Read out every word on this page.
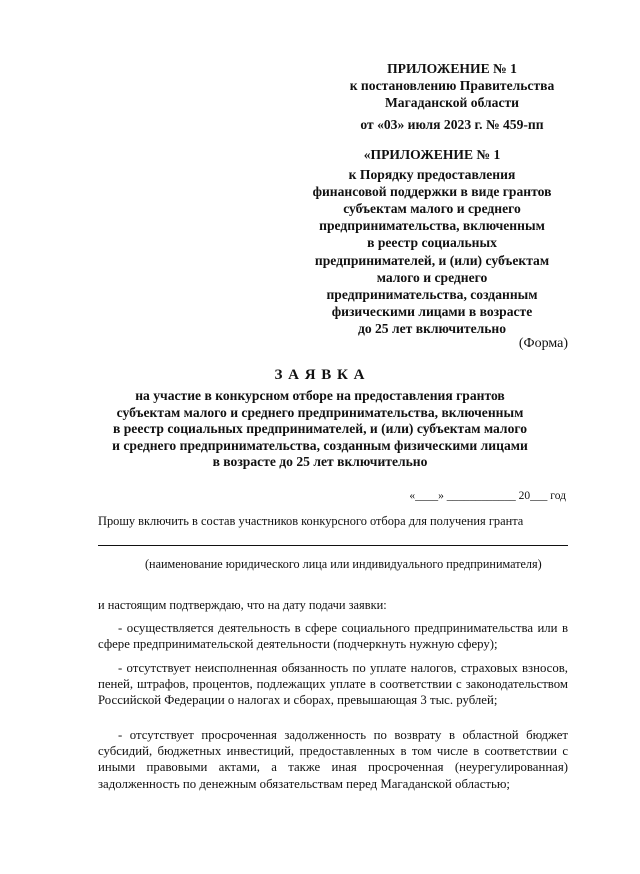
ПРИЛОЖЕНИЕ № 1
к постановлению Правительства
Магаданской области
от «03» июля 2023 г. № 459-пп
«ПРИЛОЖЕНИЕ № 1
к Порядку предоставления
финансовой поддержки в виде грантов
субъектам малого и среднего
предпринимательства, включенным
в реестр социальных
предпринимателей, и (или) субъектам
малого и среднего
предпринимательства, созданным
физическими лицами в возрасте
до 25 лет включительно
(Форма)
З А Я В К А
на участие в конкурсном отборе на предоставления грантов
субъектам малого и среднего предпринимательства, включенным
в реестр социальных предпринимателей, и (или) субъектам малого
и среднего предпринимательства, созданным физическими лицами
в возрасте до 25 лет включительно
«____» ____________ 20___ год
Прошу включить в состав участников конкурсного отбора для получения гранта
(наименование юридического лица или индивидуального предпринимателя)
и настоящим подтверждаю, что на дату подачи заявки:
- осуществляется деятельность в сфере социального предпринимательства или в сфере предпринимательской деятельности (подчеркнуть нужную сферу);
- отсутствует неисполненная обязанность по уплате налогов, страховых взносов, пеней, штрафов, процентов, подлежащих уплате в соответствии с законодательством Российской Федерации о налогах и сборах, превышающая 3 тыс. рублей;
- отсутствует просроченная задолженность по возврату в областной бюджет субсидий, бюджетных инвестиций, предоставленных в том числе в соответствии с иными правовыми актами, а также иная просроченная (неурегулированная) задолженность по денежным обязательствам перед Магаданской областью;
